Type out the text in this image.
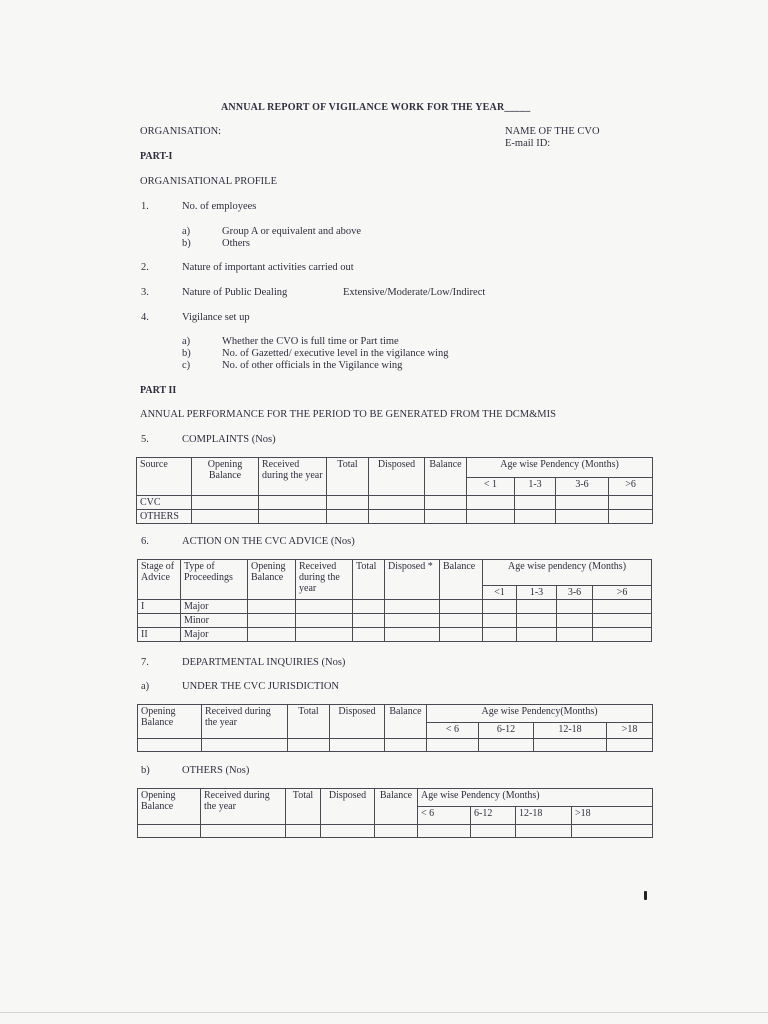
ANNUAL REPORT OF VIGILANCE WORK FOR THE YEAR_____
ORGANISATION:	NAME OF THE CVO
E-mail ID:
PART-I
ORGANISATIONAL PROFILE
1.	No. of employees
a)	Group A or equivalent and above
b)	Others
2.	Nature of important activities carried out
3.	Nature of Public Dealing	Extensive/Moderate/Low/Indirect
4.	Vigilance set up
a)	Whether the CVO is full time or Part time
b)	No. of Gazetted/ executive level in the vigilance wing
c)	No. of other officials in the Vigilance wing
PART II
ANNUAL PERFORMANCE FOR THE PERIOD TO BE GENERATED FROM THE DCM&MIS
5.	COMPLAINTS (Nos)
Source	Opening Balance	Received during the year	Total	Disposed	Balance	Age wise Pendency (Months)			
						< 1	1-3	3-6	>6
CVC									
OTHERS									
6.	ACTION ON THE CVC ADVICE (Nos)
Stage of Advice	Type of Proceedings	Opening Balance	Received during the year	Total	Disposed *	Balance	Age wise pendency (Months)			
							<1	1-3	3-6	>6
I	Major									
	Minor									
II	Major									
7.	DEPARTMENTAL INQUIRIES (Nos)
a)	UNDER THE CVC JURISDICTION
Opening Balance	Received during the year	Total	Disposed	Balance	Age wise Pendency(Months)			
					< 6	6-12	12-18	>18

b)	OTHERS (Nos)
Opening Balance	Received during the year	Total	Disposed	Balance	Age wise Pendency (Months)			
					< 6	6-12	12-18	>18
